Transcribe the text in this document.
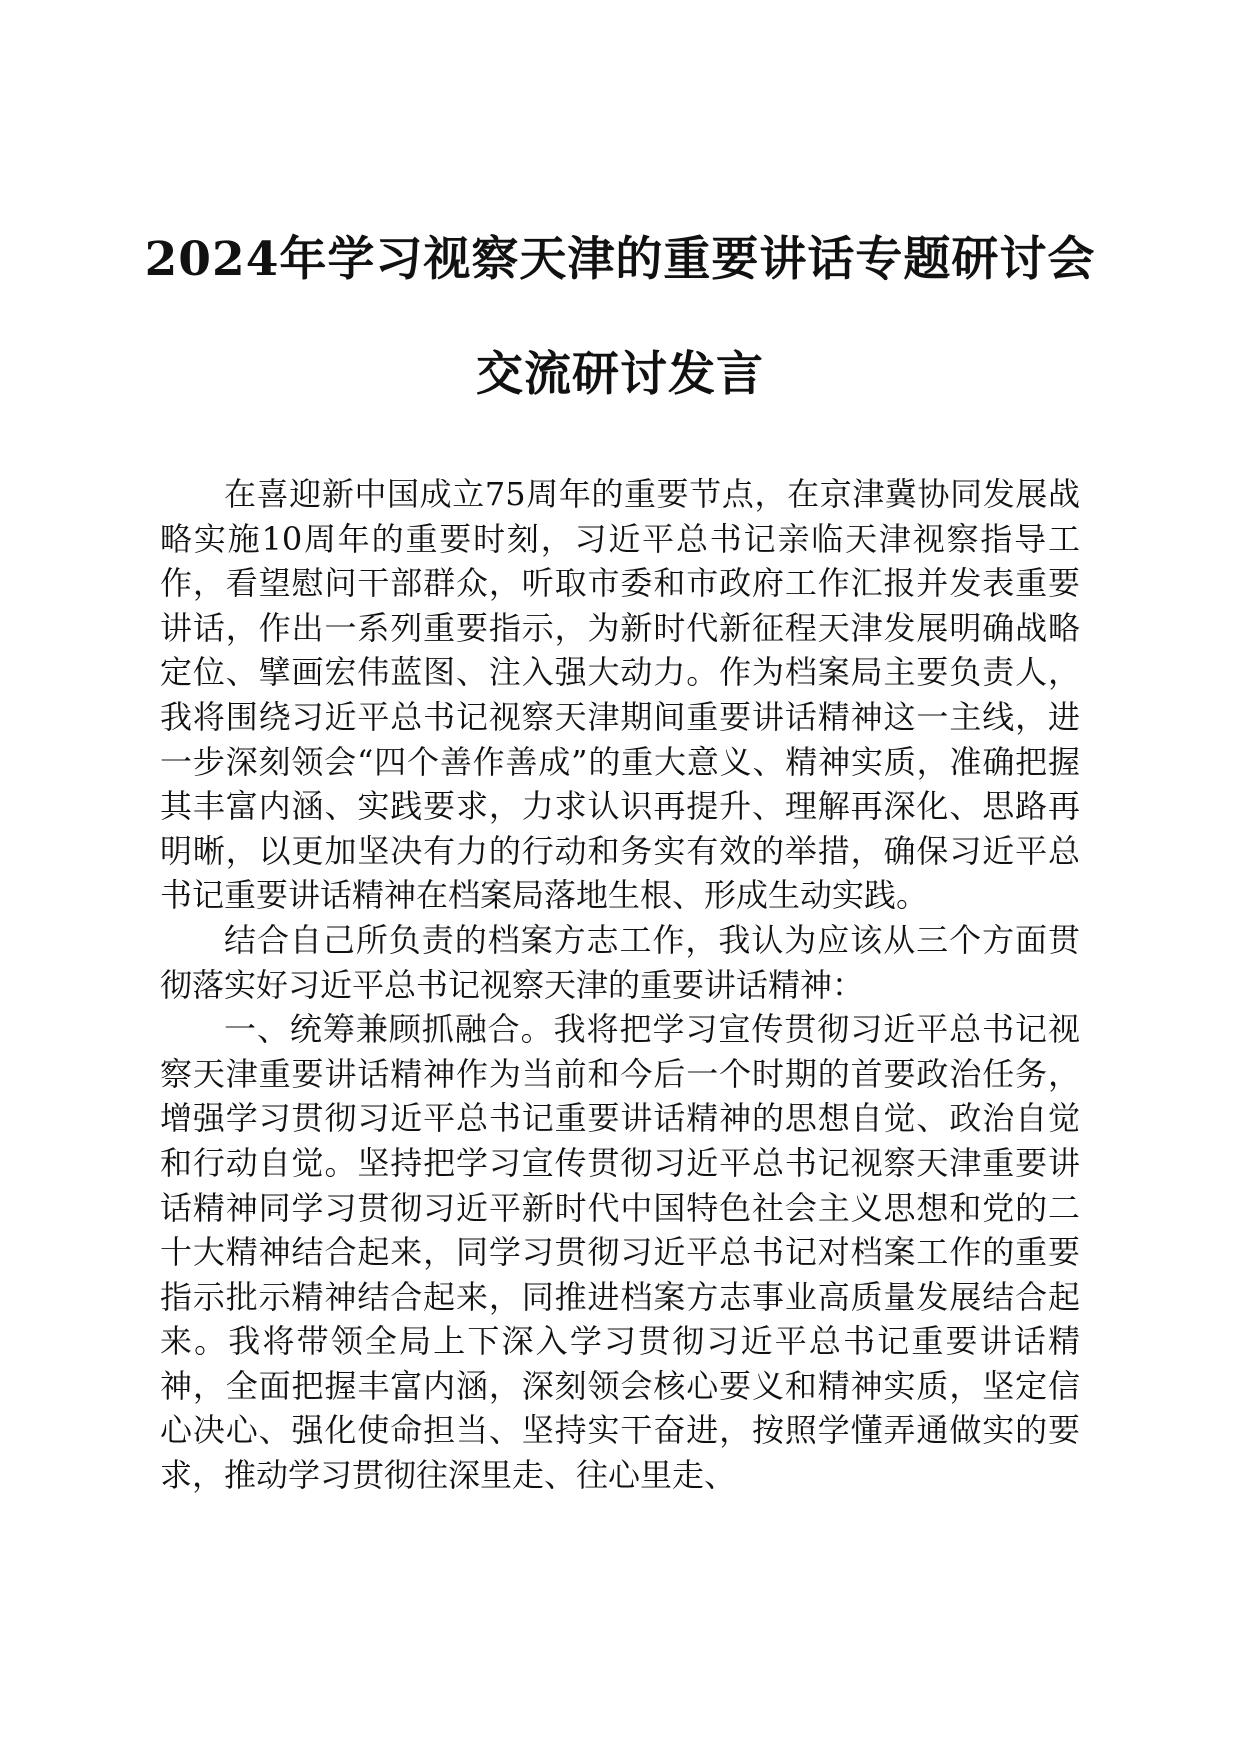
2024年学习视察天津的重要讲话专题研讨会
交流研讨发言

在喜迎新中国成立75周年的重要节点，在京津冀协同发展战略实施10周年的重要时刻，习近平总书记亲临天津视察指导工作，看望慰问干部群众，听取市委和市政府工作汇报并发表重要讲话，作出一系列重要指示，为新时代新征程天津发展明确战略定位、擘画宏伟蓝图、注入强大动力。作为档案局主要负责人，我将围绕习近平总书记视察天津期间重要讲话精神这一主线，进一步深刻领会“四个善作善成”的重大意义、精神实质，准确把握其丰富内涵、实践要求，力求认识再提升、理解再深化、思路再明晰，以更加坚决有力的行动和务实有效的举措，确保习近平总书记重要讲话精神在档案局落地生根、形成生动实践。

结合自己所负责的档案方志工作，我认为应该从三个方面贯彻落实好习近平总书记视察天津的重要讲话精神：

一、统筹兼顾抓融合。我将把学习宣传贯彻习近平总书记视察天津重要讲话精神作为当前和今后一个时期的首要政治任务，增强学习贯彻习近平总书记重要讲话精神的思想自觉、政治自觉和行动自觉。坚持把学习宣传贯彻习近平总书记视察天津重要讲话精神同学习贯彻习近平新时代中国特色社会主义思想和党的二十大精神结合起来，同学习贯彻习近平总书记对档案工作的重要指示批示精神结合起来，同推进档案方志事业高质量发展结合起来。我将带领全局上下深入学习贯彻习近平总书记重要讲话精神，全面把握丰富内涵，深刻领会核心要义和精神实质，坚定信心决心、强化使命担当、坚持实干奋进，按照学懂弄通做实的要求，推动学习贯彻往深里走、往心里走、
